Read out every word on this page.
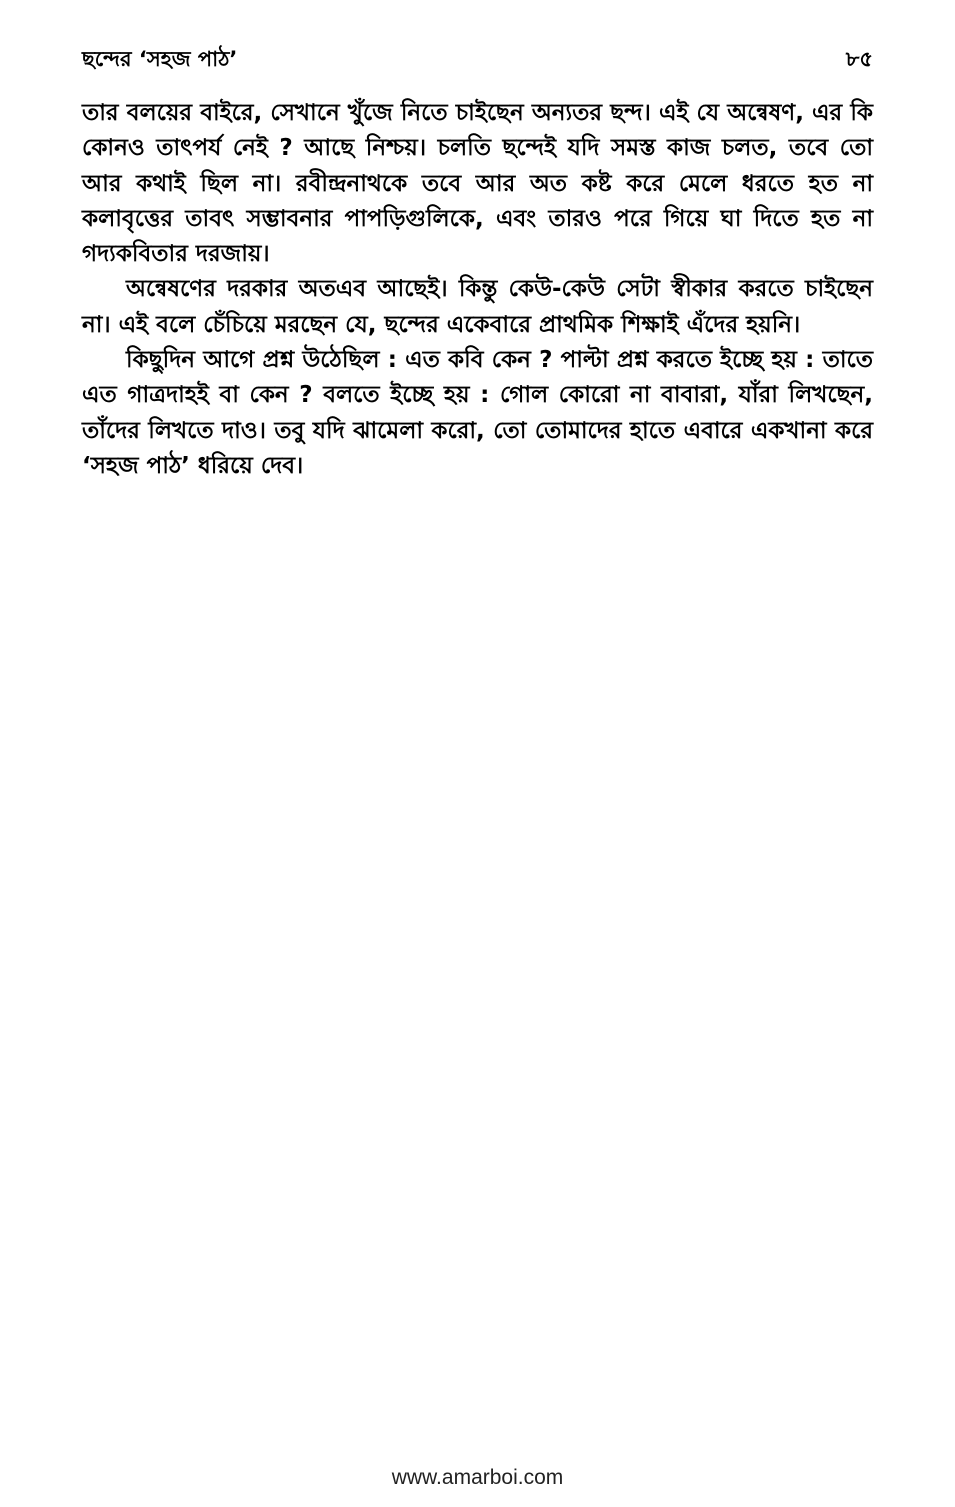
ছন্দের ‘সহজ পাঠ’	৮৫

তার বলয়ের বাইরে, সেখানে খুঁজে নিতে চাইছেন অন্যতর ছন্দ। এই যে অন্বেষণ, এর কি কোনও তাৎপর্য নেই ? আছে নিশ্চয়। চলতি ছন্দেই যদি সমস্ত কাজ চলত, তবে তো আর কথাই ছিল না। রবীন্দ্রনাথকে তবে আর অত কষ্ট করে মেলে ধরতে হত না কলাবৃত্তের তাবৎ সম্ভাবনার পাপড়িগুলিকে, এবং তারও পরে গিয়ে ঘা দিতে হত না গদ্যকবিতার দরজায়।

অন্বেষণের দরকার অতএব আছেই। কিন্তু কেউ-কেউ সেটা স্বীকার করতে চাইছেন না। এই বলে চেঁচিয়ে মরছেন যে, ছন্দের একেবারে প্রাথমিক শিক্ষাই এঁদের হয়নি।

কিছুদিন আগে প্রশ্ন উঠেছিল : এত কবি কেন ? পাল্টা প্রশ্ন করতে ইচ্ছে হয় : তাতে এত গাত্রদাহই বা কেন ? বলতে ইচ্ছে হয় : গোল কোরো না বাবারা, যাঁরা লিখছেন, তাঁদের লিখতে দাও। তবু যদি ঝামেলা করো, তো তোমাদের হাতে এবারে একখানা করে ‘সহজ পাঠ’ ধরিয়ে দেব।

www.amarboi.com
